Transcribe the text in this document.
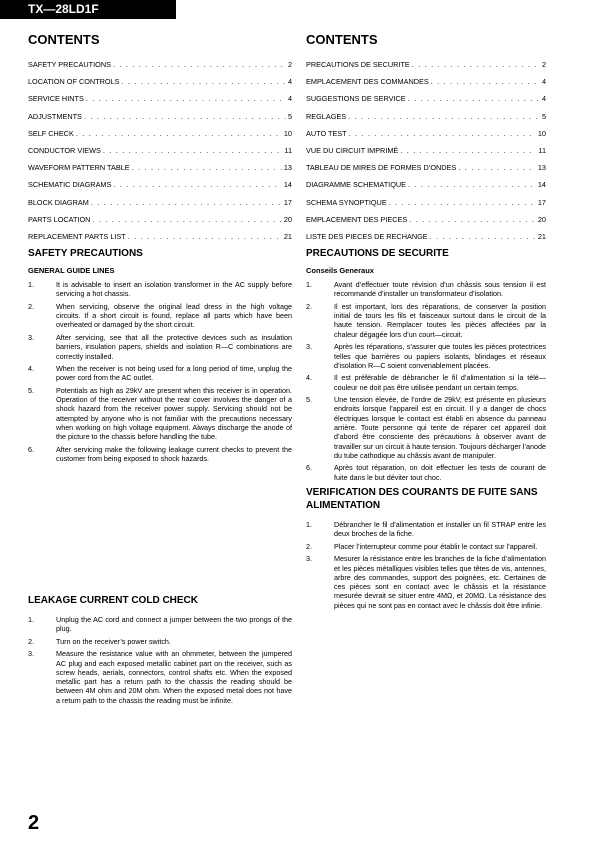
TX—28LD1F
CONTENTS
SAFETY PRECAUTIONS . . .	2
LOCATION OF CONTROLS . . .	4
SERVICE HINTS . . .	4
ADJUSTMENTS . . .	5
SELF CHECK . . .	10
CONDUCTOR VIEWS . . .	11
WAVEFORM PATTERN TABLE . . .	13
SCHEMATIC DIAGRAMS . . .	14
BLOCK DIAGRAM . . .	17
PARTS LOCATION . . .	20
REPLACEMENT PARTS LIST . . .	21
SAFETY PRECAUTIONS
GENERAL GUIDE LINES
1.	It is advisable to insert an isolation transformer in the AC supply before servicing a hot chassis.
2.	When servicing, observe the original lead dress in the high voltage circuits. If a short circuit is found, replace all parts which have been overheated or damaged by the short circuit.
3.	After servicing, see that all the protective devices such as insulation barriers, insulation papers, shields and isolation R—C combinations are correctly installed.
4.	When the receiver is not being used for a long period of time, unplug the power cord from the AC outlet.
5.	Potentials as high as 29kV are present when this receiver is in operation. Operation of the receiver without the rear cover involves the danger of a shock hazard from the receiver power supply. Servicing should not be attempted by anyone who is not familiar with the precautions necessary when working on high voltage equipment. Always discharge the anode of the picture to the chassis before handling the tube.
6.	After servicing make the following leakage current checks to prevent the customer from being exposed to shock hazards.
LEAKAGE CURRENT COLD CHECK
1.	Unplug the AC cord and connect a jumper between the two prongs of the plug.
2.	Turn on the receiver’s power switch.
3.	Measure the resistance value with an ohmmeter, between the jumpered AC plug and each exposed metallic cabinet part on the receiver, such as screw heads, aerials, connectors, control shafts etc. When the exposed metallic part has a return path to the chassis the reading should be between 4M ohm and 20M ohm. When the exposed metal does not have a return path to the chassis the reading must be infinite.
CONTENTS
PRECAUTIONS DE SECURITE . . .	2
EMPLACEMENT DES COMMANDES . . .	4
SUGGESTIONS DE SERVICE . . .	4
REGLAGES . . .	5
AUTO TEST . . .	10
VUE DU CIRCUIT IMPRIMÉ . . .	11
TABLEAU DE MIRES DE FORMES D’ONDES . . .	13
DIAGRAMME SCHEMATIQUE . . .	14
SCHEMA SYNOPTIQUE . . .	17
EMPLACEMENT DES PIECES . . .	20
LISTE DES PIECES DE RECHANGE . . .	21
PRECAUTIONS DE SECURITE
Conseils Generaux
1.	Avant d’effectuer toute révision d’un châssis sous tension il est recommandé d’installer un transformateur d’isolation.
2.	Il est important, lors des réparations, de conserver la position initial de tours les fils et faisceaux surtout dans le circuit de la haute tension. Remplacer toutes les pièces affectées par la chaleur dégagée lors d’un court—circuit.
3.	Après les réparations, s’assurer que toutes les pièces protectrices telles que barrières ou papiers isolants, blindages et réseaux d’isolation R—C soient convenablement placées.
4.	Il est préférable de débrancher le fil d’alimentation si la télé—couleur ne doit pas être utilisée pendant un certain temps.
5.	Une tension élevée, de l’ordre de 29kV, est présente en plusieurs endroits lorsque l’appareil est en circuit. Il y a danger de chocs électriques lorsque le contact est établi en absence du panneau arrière. Toute personne qui tente de réparer cet appareil doit d’abord être consciente des précautions à observer avant de travailler sur un circuit à haute tension. Toujours décharger l’anode du tube cathodique au châssis avant de manipuler.
6.	Après tout réparation, on doit effectuer les tests de courant de fuite dans le but déviter tout choc.
VERIFICATION DES COURANTS DE FUITE SANS ALIMENTATION
1.	Débrancher le fil d’alimentation et installer un fil STRAP entre les deux broches de la fiche.
2.	Placer l’interrupteur comme pour établir le contact sur l’appareil.
3.	Mesurer la résistance entre les branches de la fiche d’alimentation et les pièces métalliques visibles telles que têtes de vis, antennes, arbre des commandes, support des poignées, etc. Certaines de ces pièces sont en contact avec le châssis et la résistance mesurée devrait se situer entre 4MΩ, et 20MΩ. La résistance des pièces qui ne sont pas en contact avec le châssis doit être infinie.
2
